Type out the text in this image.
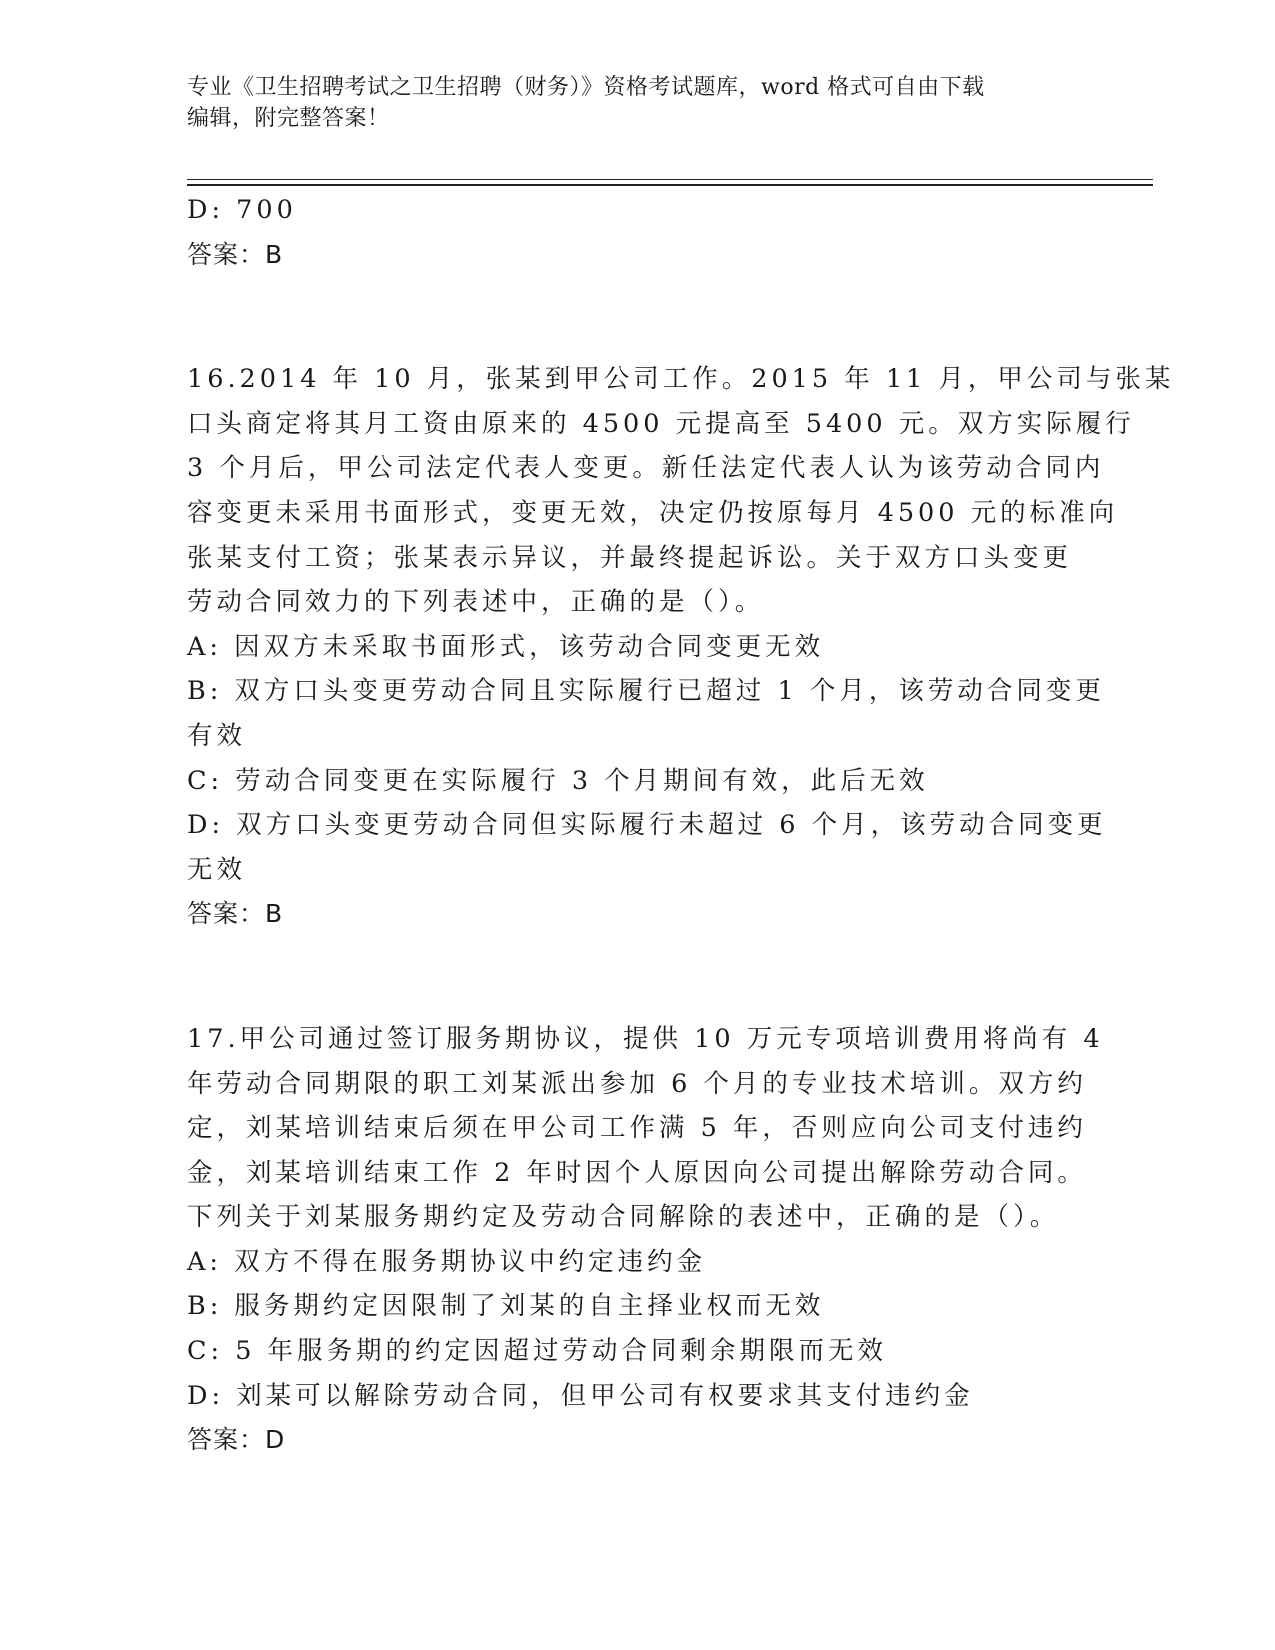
专业《卫生招聘考试之卫生招聘（财务）》资格考试题库，word 格式可自由下载
编辑，附完整答案！
D: 700
答案：B
16.2014 年 10 月，张某到甲公司工作。2015 年 11 月，甲公司与张某
口头商定将其月工资由原来的 4500 元提高至 5400 元。双方实际履行
3 个月后，甲公司法定代表人变更。新任法定代表人认为该劳动合同内
容变更未采用书面形式，变更无效，决定仍按原每月 4500 元的标准向
张某支付工资；张某表示异议，并最终提起诉讼。关于双方口头变更
劳动合同效力的下列表述中，正确的是（）。
A: 因双方未采取书面形式，该劳动合同变更无效
B: 双方口头变更劳动合同且实际履行已超过 1 个月，该劳动合同变更
有效
C: 劳动合同变更在实际履行 3 个月期间有效，此后无效
D: 双方口头变更劳动合同但实际履行未超过 6 个月，该劳动合同变更
无效
答案：B
17.甲公司通过签订服务期协议，提供 10 万元专项培训费用将尚有 4
年劳动合同期限的职工刘某派出参加 6 个月的专业技术培训。双方约
定，刘某培训结束后须在甲公司工作满 5 年，否则应向公司支付违约
金，刘某培训结束工作 2 年时因个人原因向公司提出解除劳动合同。
下列关于刘某服务期约定及劳动合同解除的表述中，正确的是（）。
A: 双方不得在服务期协议中约定违约金
B: 服务期约定因限制了刘某的自主择业权而无效
C: 5 年服务期的约定因超过劳动合同剩余期限而无效
D: 刘某可以解除劳动合同，但甲公司有权要求其支付违约金
答案：D
